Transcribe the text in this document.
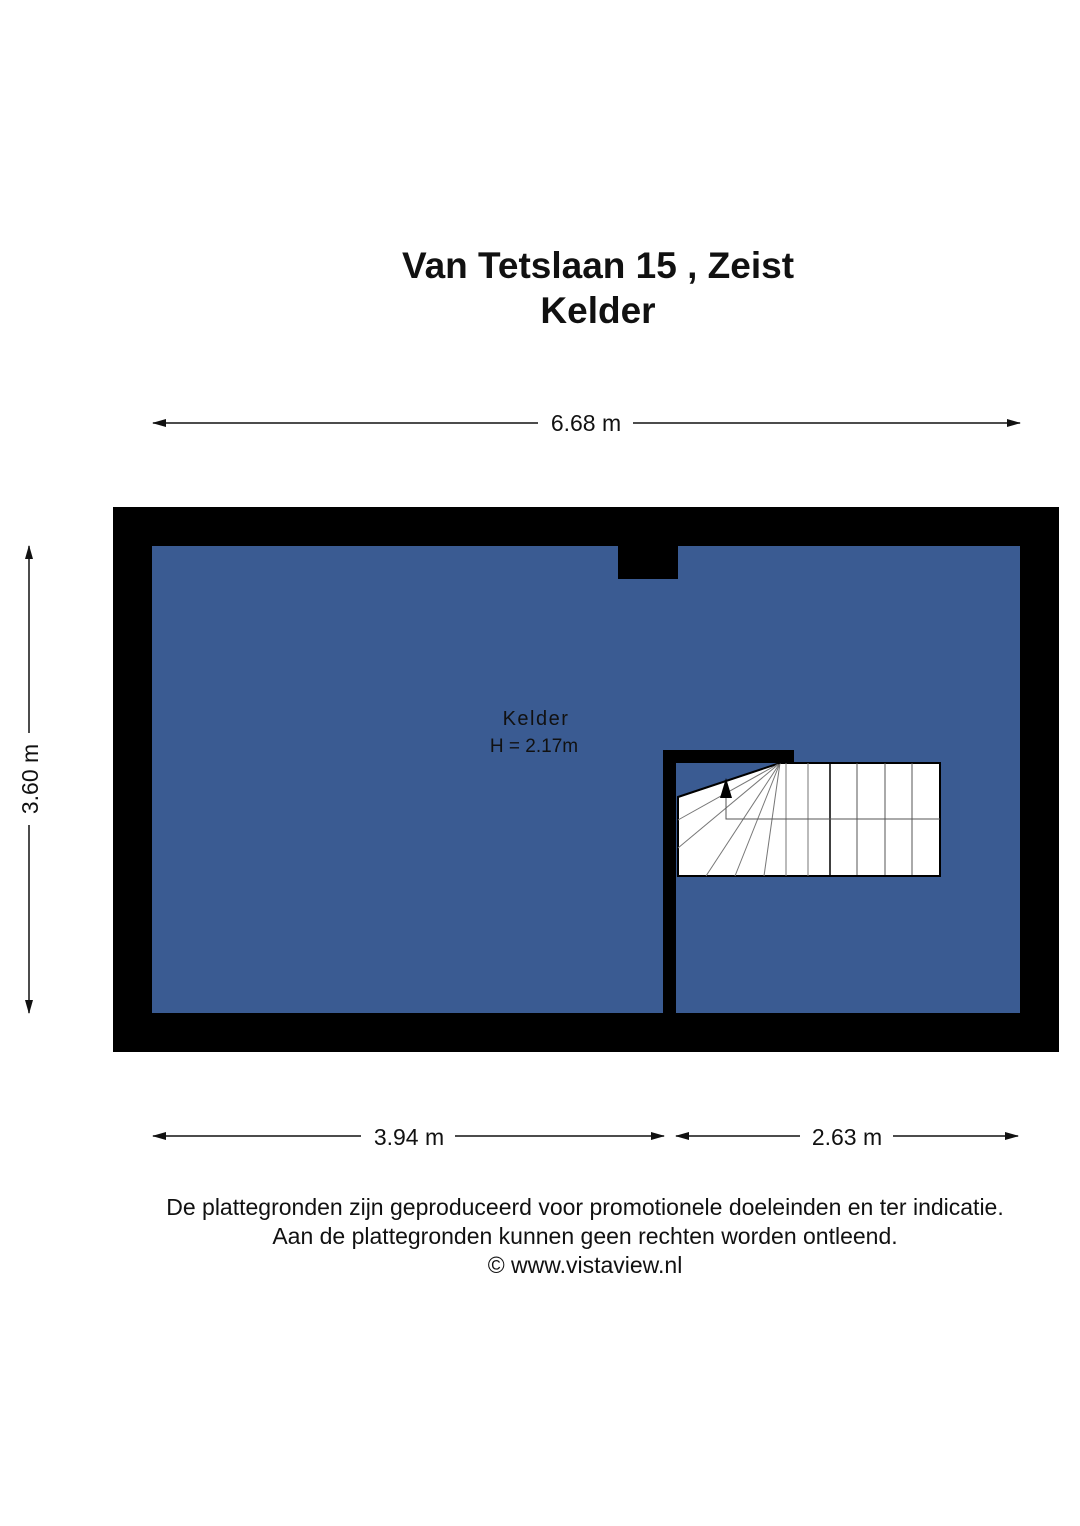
Van Tetslaan 15 , Zeist
Kelder
6.68 m
3.60 m
Kelder
H = 2.17m
3.94 m	2.63 m
De plattegronden zijn geproduceerd voor promotionele doeleinden en ter indicatie.
Aan de plattegronden kunnen geen rechten worden ontleend.
© www.vistaview.nl
